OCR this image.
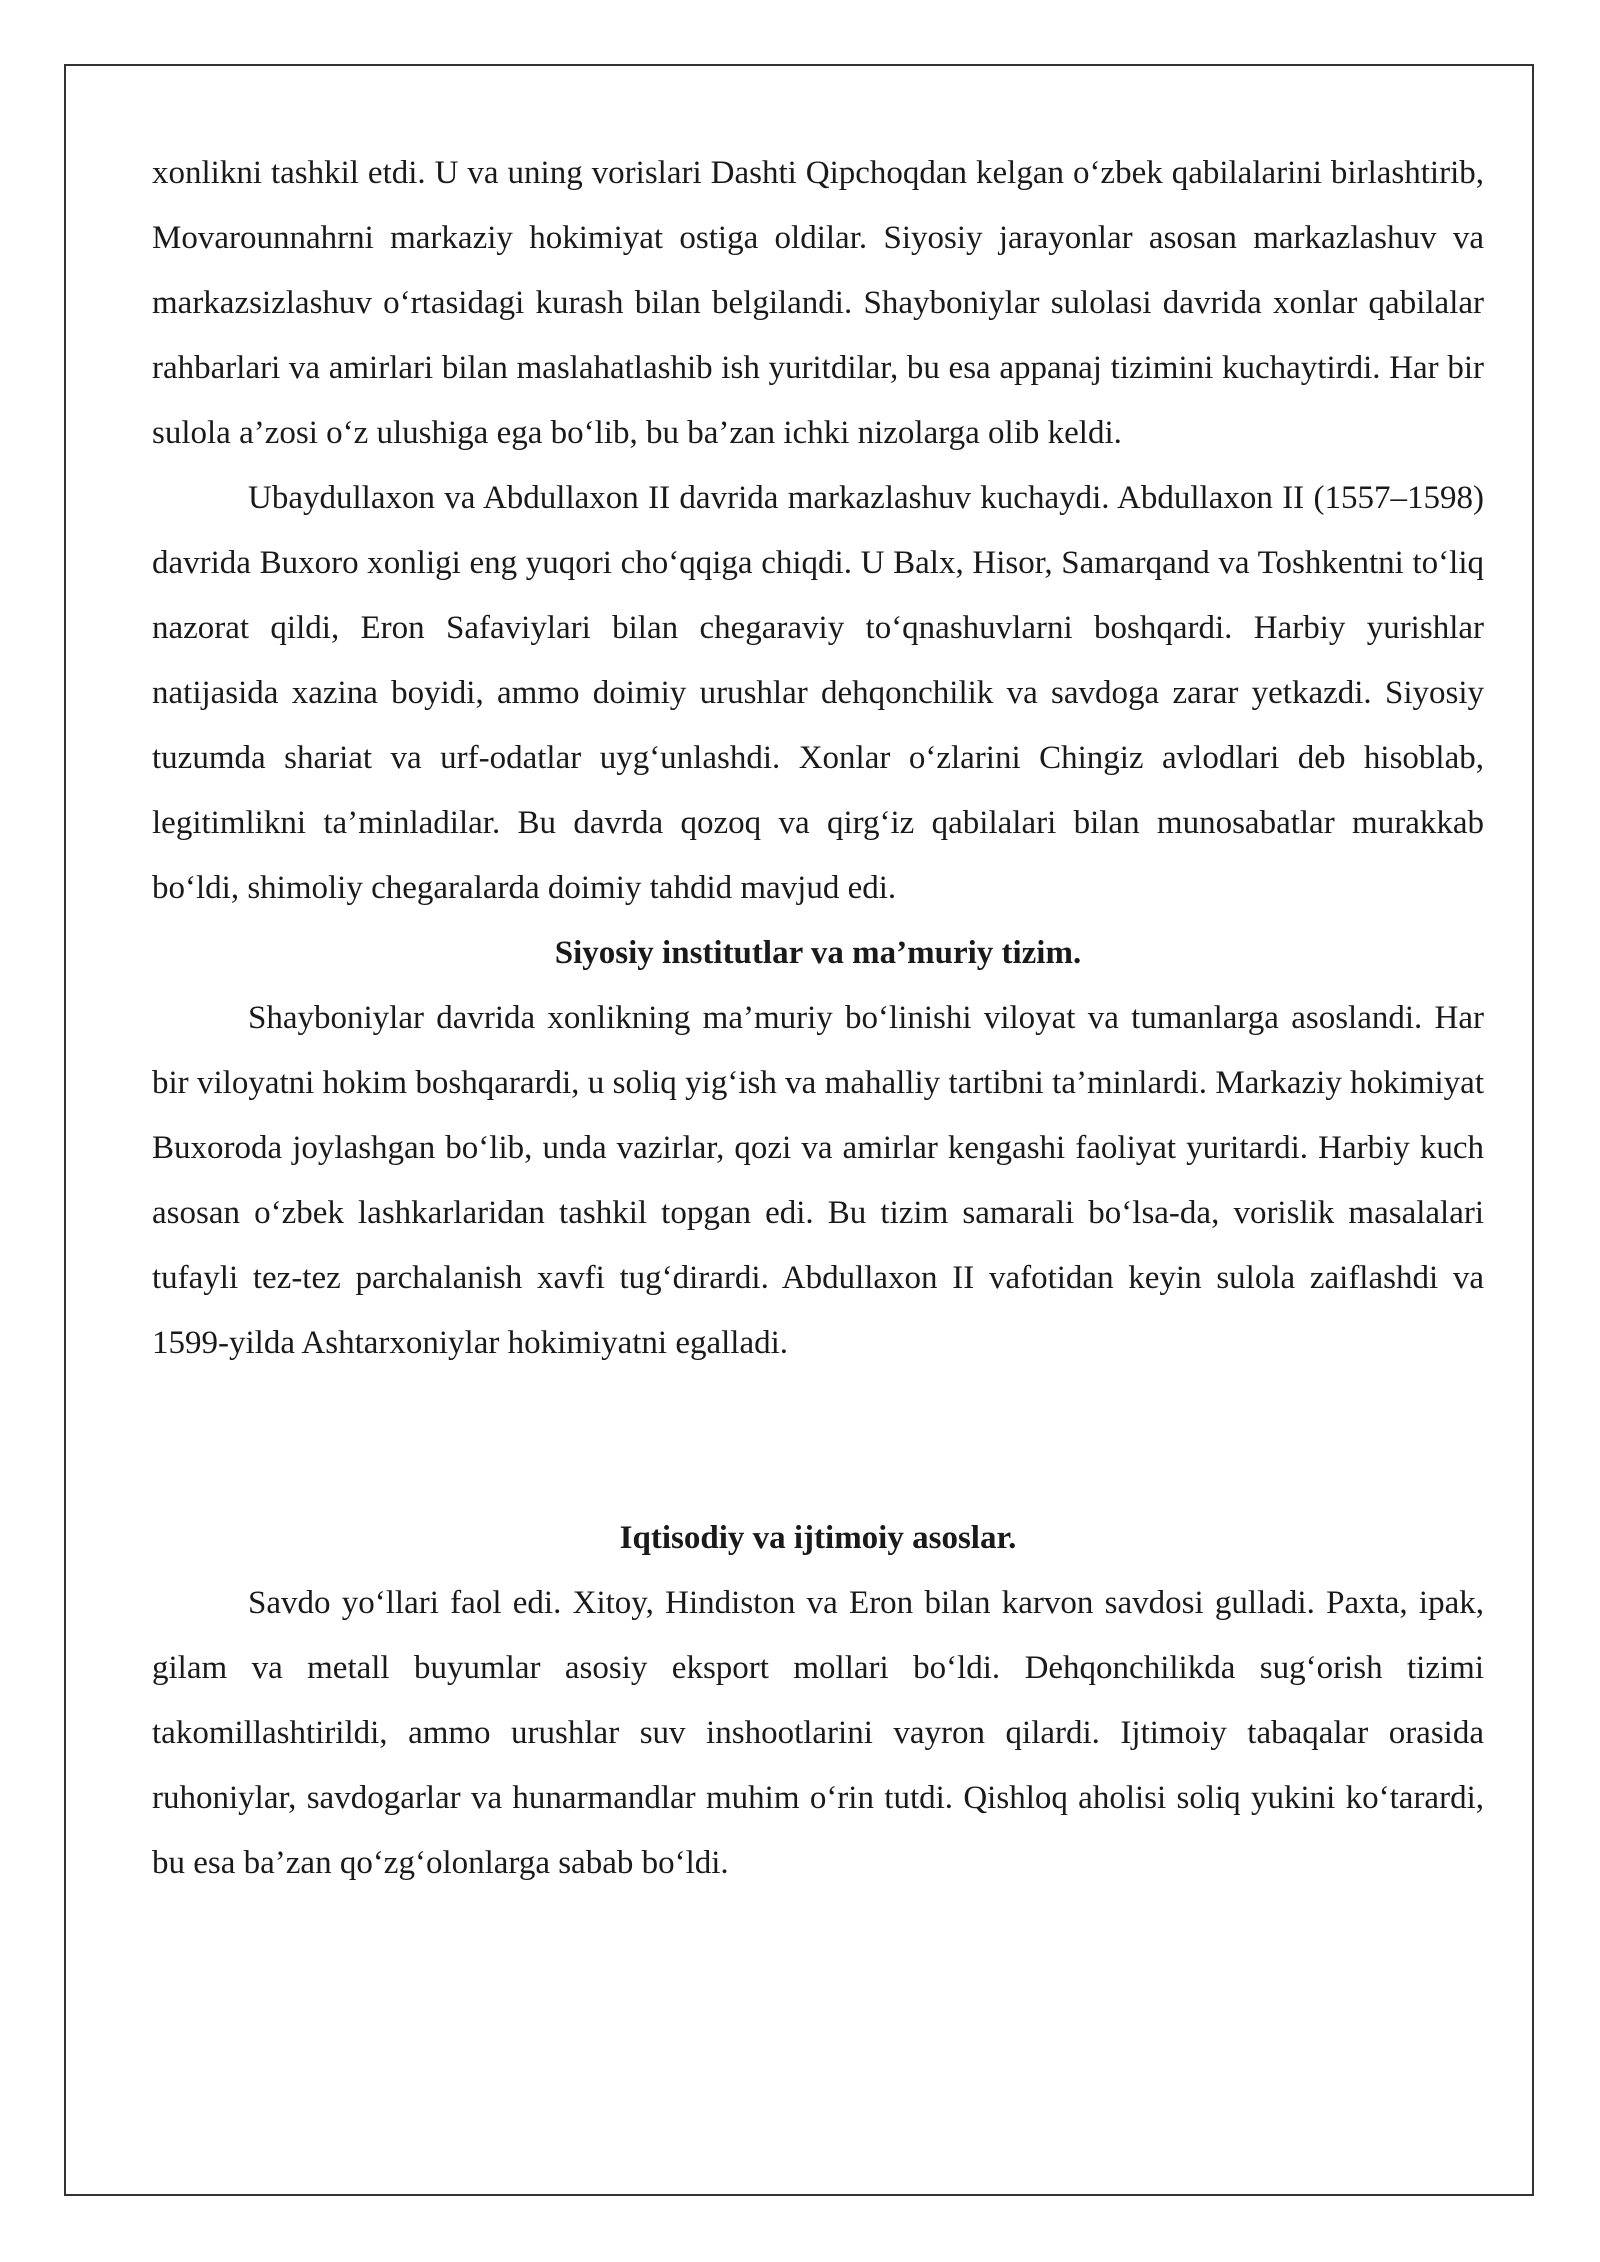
xonlikni tashkil etdi. U va uning vorislari Dashti Qipchoqdan kelgan o‘zbek qabilalarini birlashtirib, Movarounnahrni markaziy hokimiyat ostiga oldilar. Siyosiy jarayonlar asosan markazlashuv va markazsizlashuv o‘rtasidagi kurash bilan belgilandi. Shayboniylar sulolasi davrida xonlar qabilalar rahbarlari va amirlari bilan maslahatlashib ish yuritdilar, bu esa appanaj tizimini kuchaytirdi. Har bir sulola a’zosi o‘z ulushiga ega bo‘lib, bu ba’zan ichki nizolarga olib keldi.

Ubaydullaxon va Abdullaxon II davrida markazlashuv kuchaydi. Abdullaxon II (1557–1598) davrida Buxoro xonligi eng yuqori cho‘qqiga chiqdi. U Balx, Hisor, Samarqand va Toshkentni to‘liq nazorat qildi, Eron Safaviylari bilan chegaraviy to‘qnashuvlarni boshqardi. Harbiy yurishlar natijasida xazina boyidi, ammo doimiy urushlar dehqonchilik va savdoga zarar yetkazdi. Siyosiy tuzumda shariat va urf-odatlar uyg‘unlashdi. Xonlar o‘zlarini Chingiz avlodlari deb hisoblab, legitimlikni ta’minladilar. Bu davrda qozoq va qirg‘iz qabilalari bilan munosabatlar murakkab bo‘ldi, shimoliy chegaralarda doimiy tahdid mavjud edi.

Siyosiy institutlar va ma’muriy tizim.

Shayboniylar davrida xonlikning ma’muriy bo‘linishi viloyat va tumanlarga asoslandi. Har bir viloyatni hokim boshqarardi, u soliq yig‘ish va mahalliy tartibni ta’minlardi. Markaziy hokimiyat Buxoroda joylashgan bo‘lib, unda vazirlar, qozi va amirlar kengashi faoliyat yuritardi. Harbiy kuch asosan o‘zbek lashkarlaridan tashkil topgan edi. Bu tizim samarali bo‘lsa-da, vorislik masalalari tufayli tez-tez parchalanish xavfi tug‘dirardi. Abdullaxon II vafotidan keyin sulola zaiflashdi va 1599-yilda Ashtarxoniylar hokimiyatni egalladi.

Iqtisodiy va ijtimoiy asoslar.

Savdo yo‘llari faol edi. Xitoy, Hindiston va Eron bilan karvon savdosi gulladi. Paxta, ipak, gilam va metall buyumlar asosiy eksport mollari bo‘ldi. Dehqonchilikda sug‘orish tizimi takomillashtirildi, ammo urushlar suv inshootlarini vayron qilardi. Ijtimoiy tabaqalar orasida ruhoniylar, savdogarlar va hunarmandlar muhim o‘rin tutdi. Qishloq aholisi soliq yukini ko‘tarardi, bu esa ba’zan qo‘zg‘olonlarga sabab bo‘ldi.
